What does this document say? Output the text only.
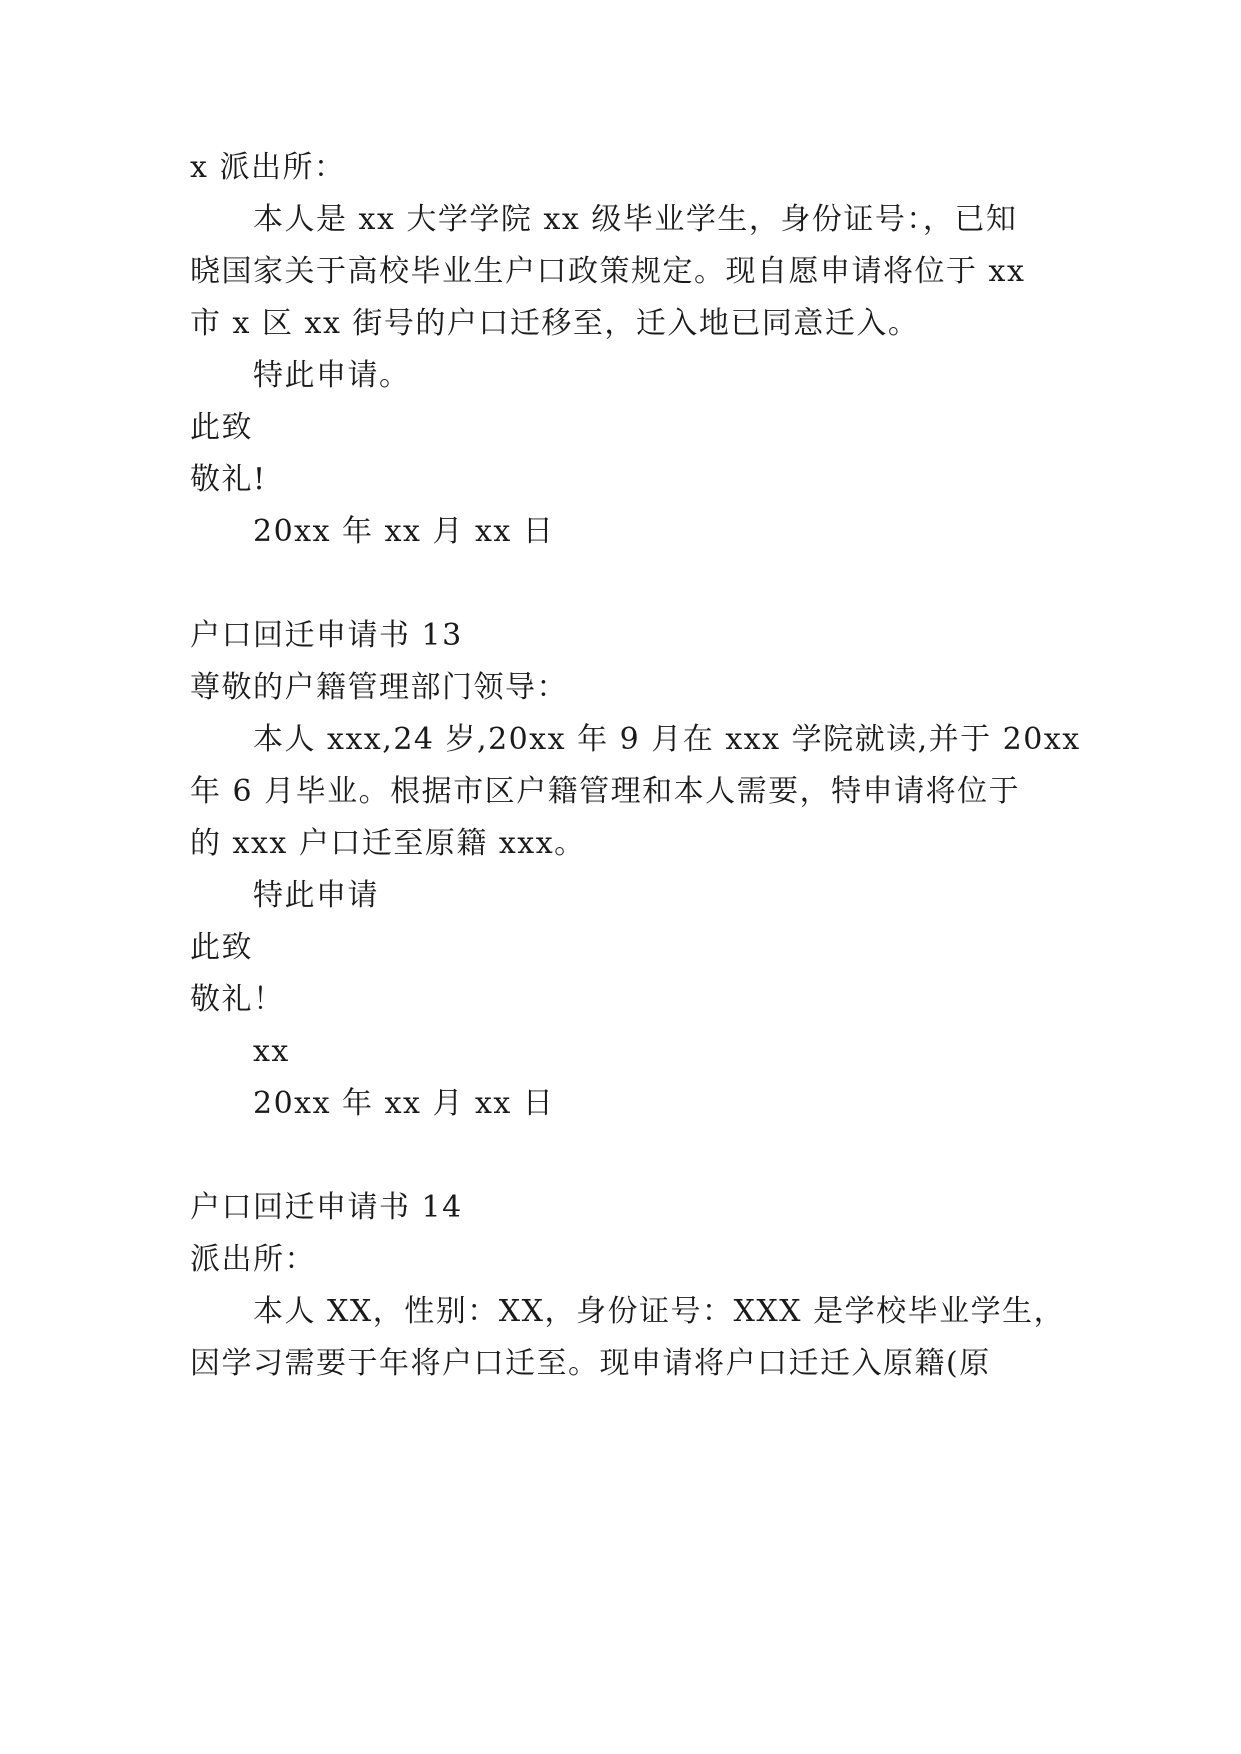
x 派出所：
本人是 xx 大学学院 xx 级毕业学生，身份证号：，已知
晓国家关于高校毕业生户口政策规定。现自愿申请将位于 xx
市 x 区 xx 街号的户口迁移至，迁入地已同意迁入。
特此申请。
此致
敬礼!
20xx 年 xx 月 xx 日
户口回迁申请书 13
尊敬的户籍管理部门领导：
本人 xxx,24 岁,20xx 年 9 月在 xxx 学院就读,并于 20xx
年 6 月毕业。根据市区户籍管理和本人需要，特申请将位于
的 xxx 户口迁至原籍 xxx。
特此申请
此致
敬礼！
xx
20xx 年 xx 月 xx 日
户口回迁申请书 14
派出所：
本人 XX，性别：XX，身份证号：XXX 是学校毕业学生，
因学习需要于年将户口迁至。现申请将户口迁迁入原籍(原
